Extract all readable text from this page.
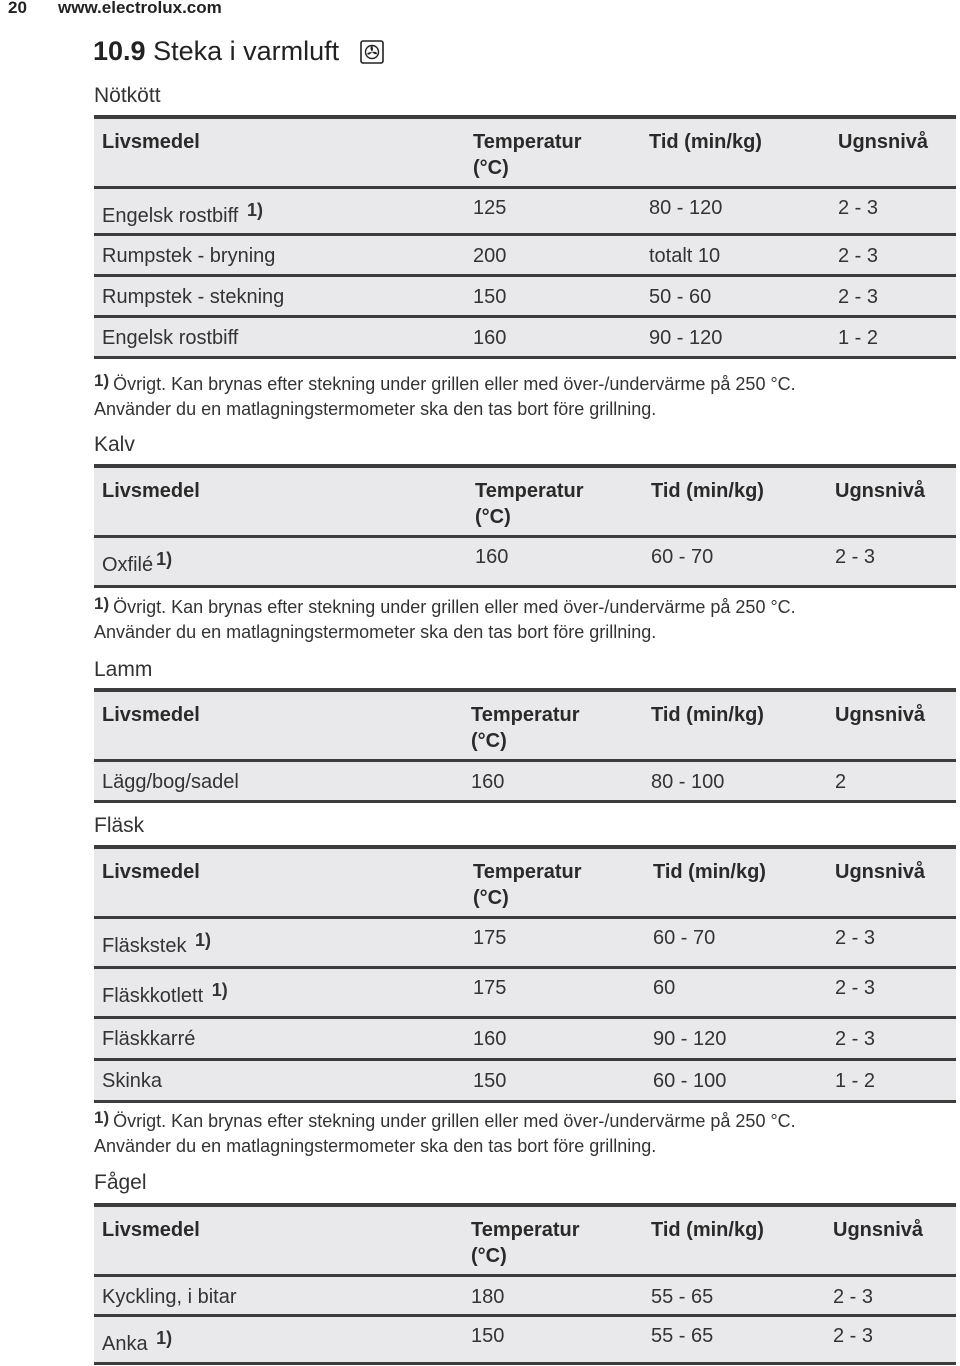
20 www.electrolux.com
10.9 Steka i varmluft
Nötkött
Livsmedel	Temperatur (°C)	Tid (min/kg)	Ugnsnivå
Engelsk rostbiff 1)	125	80 - 120	2 - 3
Rumpstek - bryning	200	totalt 10	2 - 3
Rumpstek - stekning	150	50 - 60	2 - 3
Engelsk rostbiff	160	90 - 120	1 - 2
1) Övrigt. Kan brynas efter stekning under grillen eller med över-/undervärme på 250 °C.
Använder du en matlagningstermometer ska den tas bort före grillning.
Kalv
Livsmedel	Temperatur (°C)	Tid (min/kg)	Ugnsnivå
Oxfilé 1)	160	60 - 70	2 - 3
1) Övrigt. Kan brynas efter stekning under grillen eller med över-/undervärme på 250 °C.
Använder du en matlagningstermometer ska den tas bort före grillning.
Lamm
Livsmedel	Temperatur (°C)	Tid (min/kg)	Ugnsnivå
Lägg/bog/sadel	160	80 - 100	2
Fläsk
Livsmedel	Temperatur (°C)	Tid (min/kg)	Ugnsnivå
Fläskstek 1)	175	60 - 70	2 - 3
Fläskkotlett 1)	175	60	2 - 3
Fläskkarré	160	90 - 120	2 - 3
Skinka	150	60 - 100	1 - 2
1) Övrigt. Kan brynas efter stekning under grillen eller med över-/undervärme på 250 °C.
Använder du en matlagningstermometer ska den tas bort före grillning.
Fågel
Livsmedel	Temperatur (°C)	Tid (min/kg)	Ugnsnivå
Kyckling, i bitar	180	55 - 65	2 - 3
Anka 1)	150	55 - 65	2 - 3
